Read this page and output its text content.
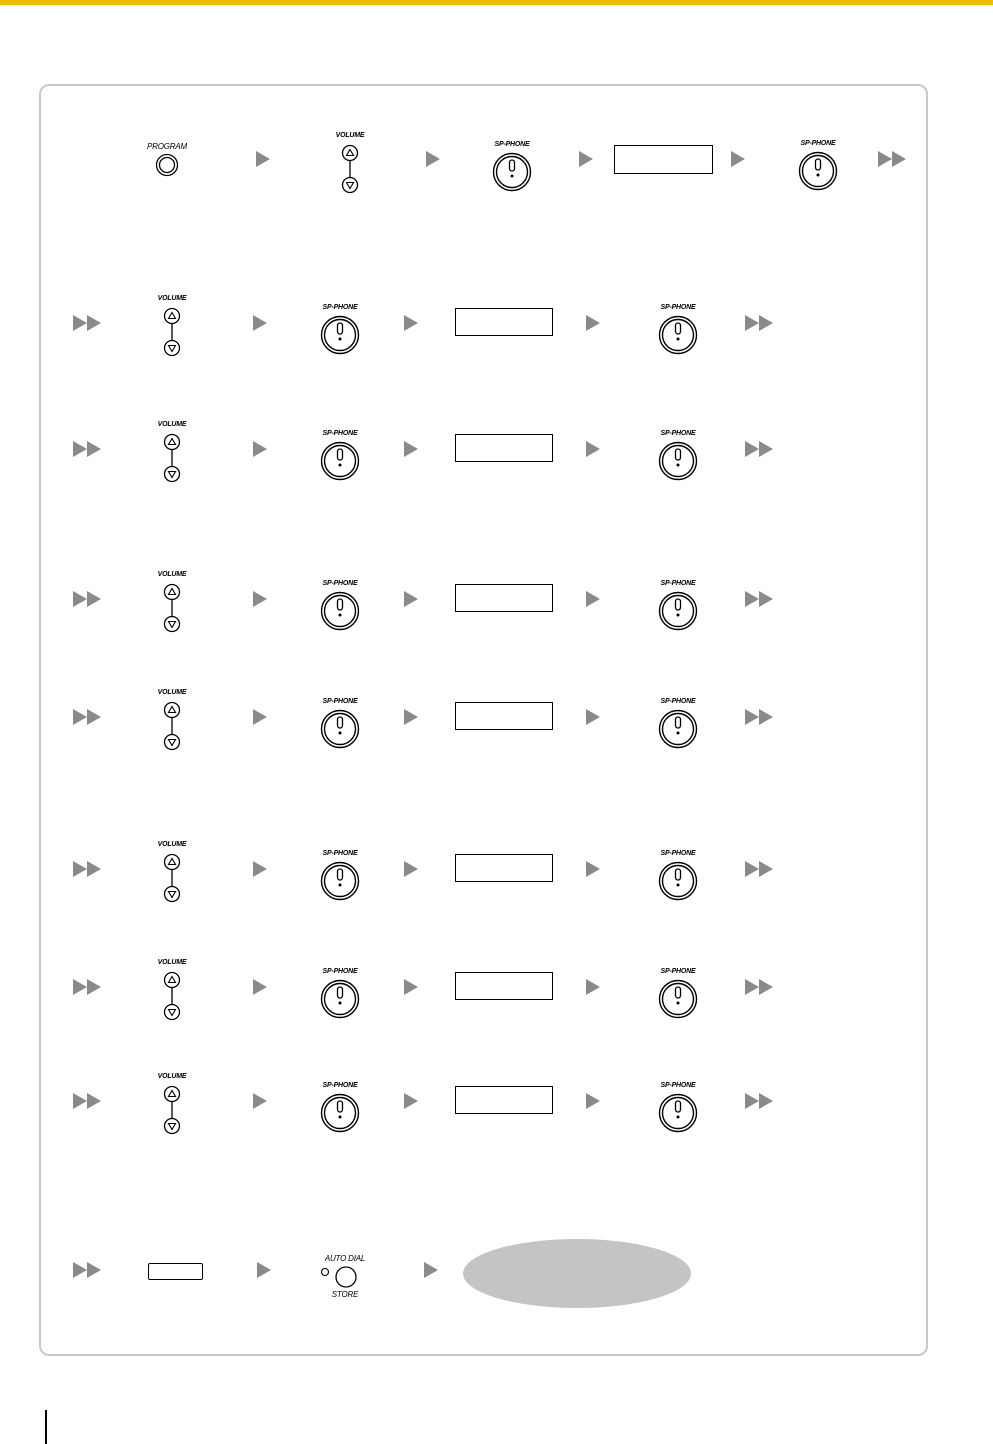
PROGRAM
VOLUME
SP-PHONE	SP-PHONE
VOLUME
SP-PHONE	SP-PHONE
VOLUME
SP-PHONE	SP-PHONE
VOLUME
SP-PHONE	SP-PHONE
VOLUME
SP-PHONE	SP-PHONE
VOLUME
SP-PHONE	SP-PHONE
VOLUME
SP-PHONE	SP-PHONE
VOLUME
SP-PHONE	SP-PHONE
AUTO DIAL
STORE
